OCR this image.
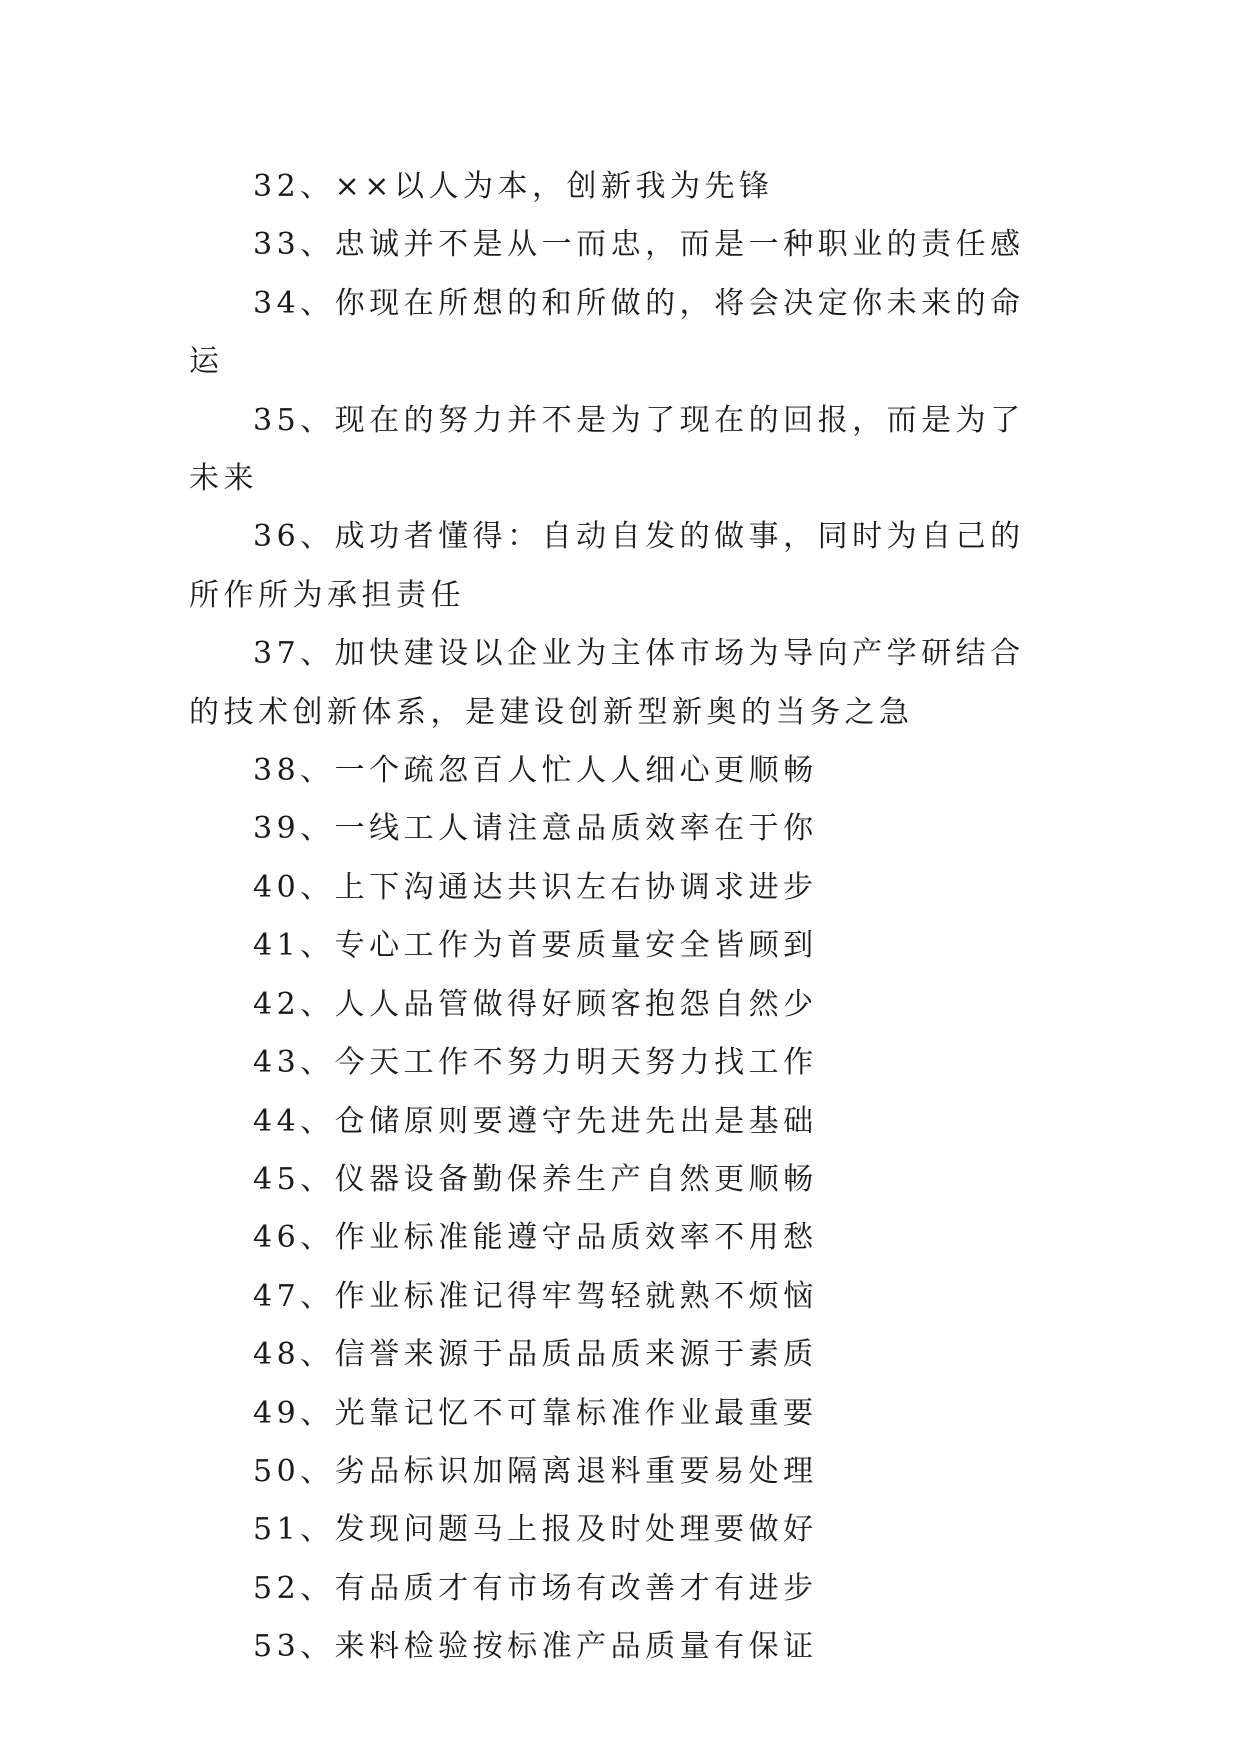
32、××以人为本，创新我为先锋

33、忠诚并不是从一而忠，而是一种职业的责任感

34、你现在所想的和所做的，将会决定你未来的命运

35、现在的努力并不是为了现在的回报，而是为了未来

36、成功者懂得：自动自发的做事，同时为自己的所作所为承担责任

37、加快建设以企业为主体市场为导向产学研结合的技术创新体系，是建设创新型新奥的当务之急

38、一个疏忽百人忙人人细心更顺畅

39、一线工人请注意品质效率在于你

40、上下沟通达共识左右协调求进步

41、专心工作为首要质量安全皆顾到

42、人人品管做得好顾客抱怨自然少

43、今天工作不努力明天努力找工作

44、仓储原则要遵守先进先出是基础

45、仪器设备勤保养生产自然更顺畅

46、作业标准能遵守品质效率不用愁

47、作业标准记得牢驾轻就熟不烦恼

48、信誉来源于品质品质来源于素质

49、光靠记忆不可靠标准作业最重要

50、劣品标识加隔离退料重要易处理

51、发现问题马上报及时处理要做好

52、有品质才有市场有改善才有进步

53、来料检验按标准产品质量有保证
